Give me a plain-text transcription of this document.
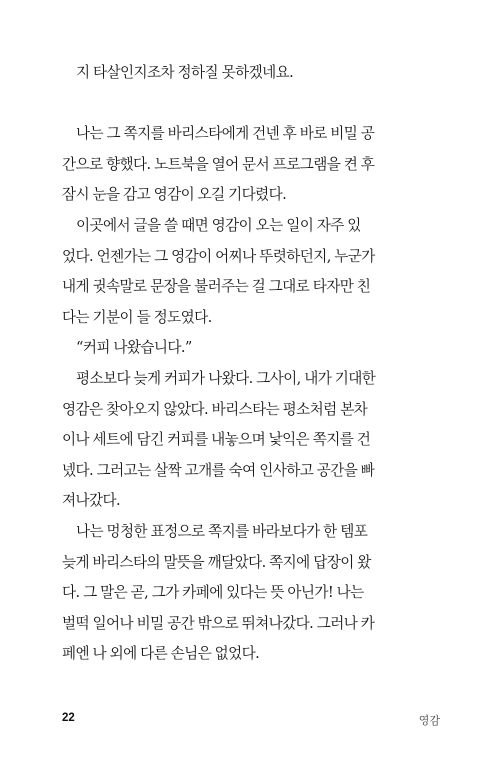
지 타살인지조차 정하질 못하겠네요.
나는 그 쪽지를 바리스타에게 건넨 후 바로 비밀 공
간으로 향했다. 노트북을 열어 문서 프로그램을 켠 후
잠시 눈을 감고 영감이 오길 기다렸다.
이곳에서 글을 쓸 때면 영감이 오는 일이 자주 있
었다. 언젠가는 그 영감이 어찌나 뚜렷하던지, 누군가
내게 귓속말로 문장을 불러주는 걸 그대로 타자만 친
다는 기분이 들 정도였다.
“커피 나왔습니다.”
평소보다 늦게 커피가 나왔다. 그사이, 내가 기대한
영감은 찾아오지 않았다. 바리스타는 평소처럼 본차
이나 세트에 담긴 커피를 내놓으며 낯익은 쪽지를 건
넸다. 그러고는 살짝 고개를 숙여 인사하고 공간을 빠
져나갔다.
나는 멍청한 표정으로 쪽지를 바라보다가 한 템포
늦게 바리스타의 말뜻을 깨달았다. 쪽지에 답장이 왔
다. 그 말은 곧, 그가 카페에 있다는 뜻 아닌가! 나는
벌떡 일어나 비밀 공간 밖으로 뛰쳐나갔다. 그러나 카
페엔 나 외에 다른 손님은 없었다.
22	영감
